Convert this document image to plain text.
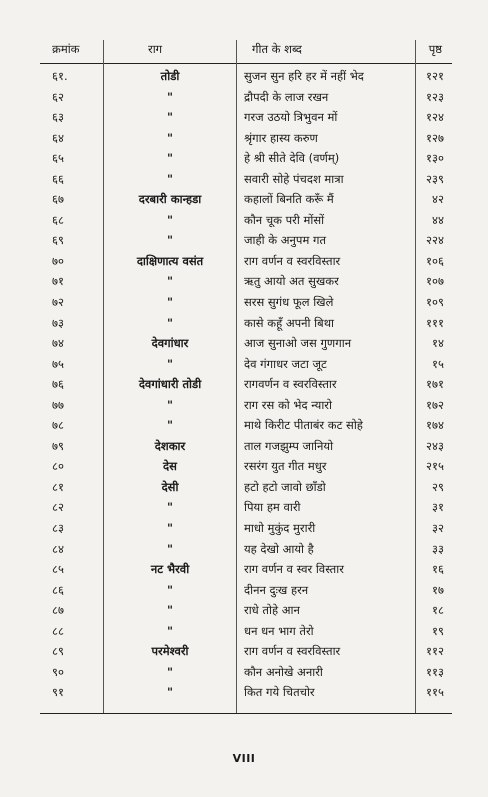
क्रमांक	राग	गीत के शब्द	पृष्ठ
६१.	तोडी	सुजन सुन हरि हर में नहीं भेद	१२१
६२	"	द्रौपदी के लाज रखन	१२३
६३	"	गरज उठयो त्रिभुवन मों	१२४
६४	"	श्रृंगार हास्य करुण	१२७
६५	"	हे श्री सीते देवि (वर्णम्)	१३०
६६	"	सवारी सोहे पंचदश मात्रा	२३९
६७	दरबारी कान्हडा	कहालों बिनति करूँ मैं	४२
६८	"	कौन चूक परी मोंसों	४४
६९	"	जाही के अनुपम गत	२२४
७०	दाक्षिणात्य वसंत	राग वर्णन व स्वरविस्तार	१०६
७१	"	ऋतु आयो अत सुखकर	१०७
७२	"	सरस सुगंध फूल खिले	१०९
७३	"	कासे कहूँ अपनी बिथा	१११
७४	देवगांधार	आज सुनाओ जस गुणगान	१४
७५	"	देव गंगाधर जटा जूट	१५
७६	देवगांधारी तोडी	रागवर्णन व स्वरविस्तार	१७१
७७	"	राग रस को भेद न्यारो	१७२
७८	"	माथे किरीट पीताबंर कट सोहे	१७४
७९	देशकार	ताल गजझुम्प जानियो	२४३
८०	देस	रसरंग युत गीत मधुर	२१५
८१	देसी	हटो हटो जावो छाँडो	२९
८२	"	पिया हम वारी	३१
८३	"	माधो मुकुंद मुरारी	३२
८४	"	यह देखो आयो है	३३
८५	नट भैरवी	राग वर्णन व स्वर विस्तार	१६
८६	"	दीनन दुःख हरन	१७
८७	"	राधे तोहे आन	१८
८८	"	धन धन भाग तेरो	१९
८९	परमेश्वरी	राग वर्णन व स्वरविस्तार	११२
९०	"	कौन अनोखे अनारी	११३
९१	"	कित गये चितचोर	११५
VIII
